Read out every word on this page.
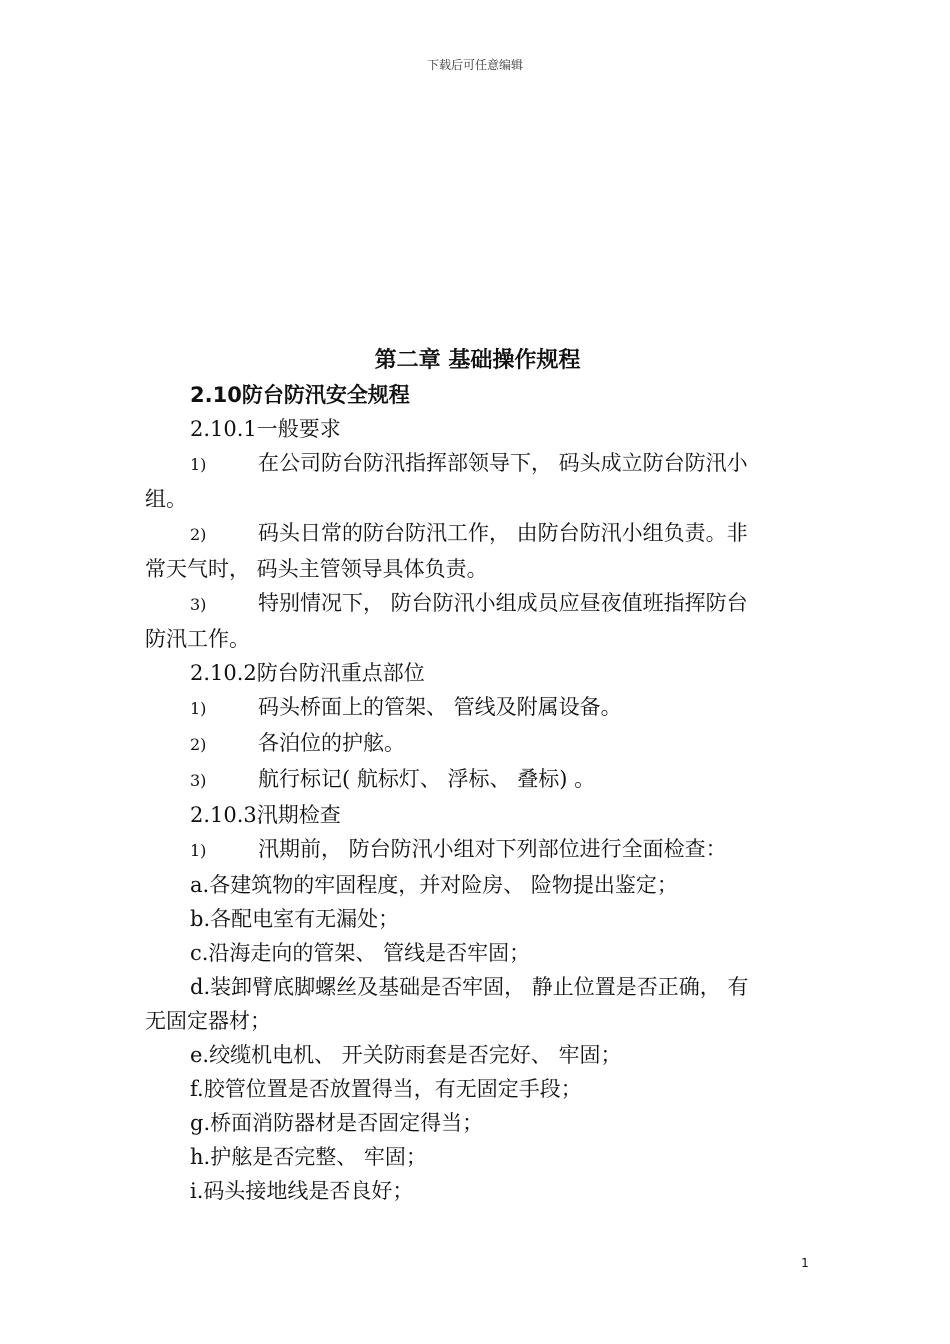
下载后可任意编辑
第二章 基础操作规程
2.10防台防汛安全规程
2.10.1一般要求
1)	在公司防台防汛指挥部领导下， 码头成立防台防汛小
组。
2)	码头日常的防台防汛工作， 由防台防汛小组负责。非
常天气时， 码头主管领导具体负责。
3)	特别情况下， 防台防汛小组成员应昼夜值班指挥防台
防汛工作。
2.10.2防台防汛重点部位
1)	码头桥面上的管架、 管线及附属设备。
2)	各泊位的护舷。
3)	航行标记( 航标灯、 浮标、 叠标) 。
2.10.3汛期检查
1)	汛期前， 防台防汛小组对下列部位进行全面检查：
a.各建筑物的牢固程度，并对险房、 险物提出鉴定；
b.各配电室有无漏处；
c.沿海走向的管架、 管线是否牢固；
d.装卸臂底脚螺丝及基础是否牢固， 静止位置是否正确， 有
无固定器材；
e.绞缆机电机、 开关防雨套是否完好、 牢固；
f.胶管位置是否放置得当，有无固定手段；
g.桥面消防器材是否固定得当；
h.护舷是否完整、 牢固；
i.码头接地线是否良好；
1
